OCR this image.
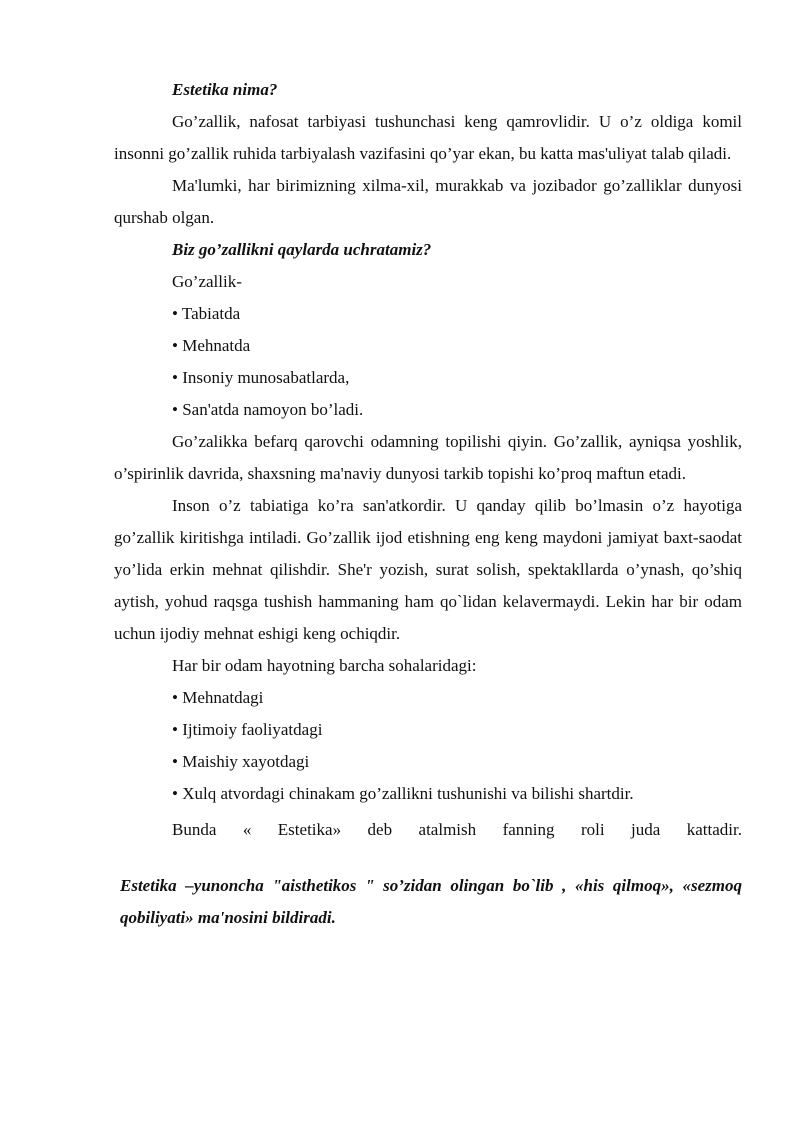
Estetika nima?

Go’zallik, nafosat tarbiyasi tushunchasi keng qamrovlidir. U o’z oldiga komil insonni go’zallik ruhida tarbiyalash vazifasini qo’yar ekan, bu katta mas'uliyat talab qiladi.

Ma'lumki, har birimizning xilma-xil, murakkab va jozibador go’zalliklar dunyosi qurshab olgan.

Biz go’zallikni qaylarda uchratamiz?

Go’zallik-

• Tabiatda

• Mehnatda

• Insoniy munosabatlarda,

• San'atda namoyon bo’ladi.

Go’zalikka befarq qarovchi odamning topilishi qiyin. Go’zallik, ayniqsa yoshlik, o’spirinlik davrida, shaxsning ma'naviy dunyosi tarkib topishi ko’proq maftun etadi.

Inson o’z tabiatiga ko’ra san'atkordir. U qanday qilib bo’lmasin o’z hayotiga go’zallik kiritishga intiladi. Go’zallik ijod etishning eng keng maydoni jamiyat baxt-saodat yo’lida erkin mehnat qilishdir. She'r yozish, surat solish, spektakllarda o’ynash, qo’shiq aytish, yohud raqsga tushish hammaning ham qo`lidan kelavermaydi. Lekin har bir odam uchun ijodiy mehnat eshigi keng ochiqdir.

Har bir odam hayotning barcha sohalaridagi:

• Mehnatdagi

• Ijtimoiy faoliyatdagi

• Maishiy xayotdagi

• Xulq atvordagi chinakam go’zallikni tushunishi va bilishi shartdir.

Bunda « Estetika» deb atalmish fanning roli juda kattadir.

Estetika –yunoncha "aisthetikos " so’zidan olingan bo`lib , «his qilmoq», «sezmoq qobiliyati» ma'nosini bildiradi.
